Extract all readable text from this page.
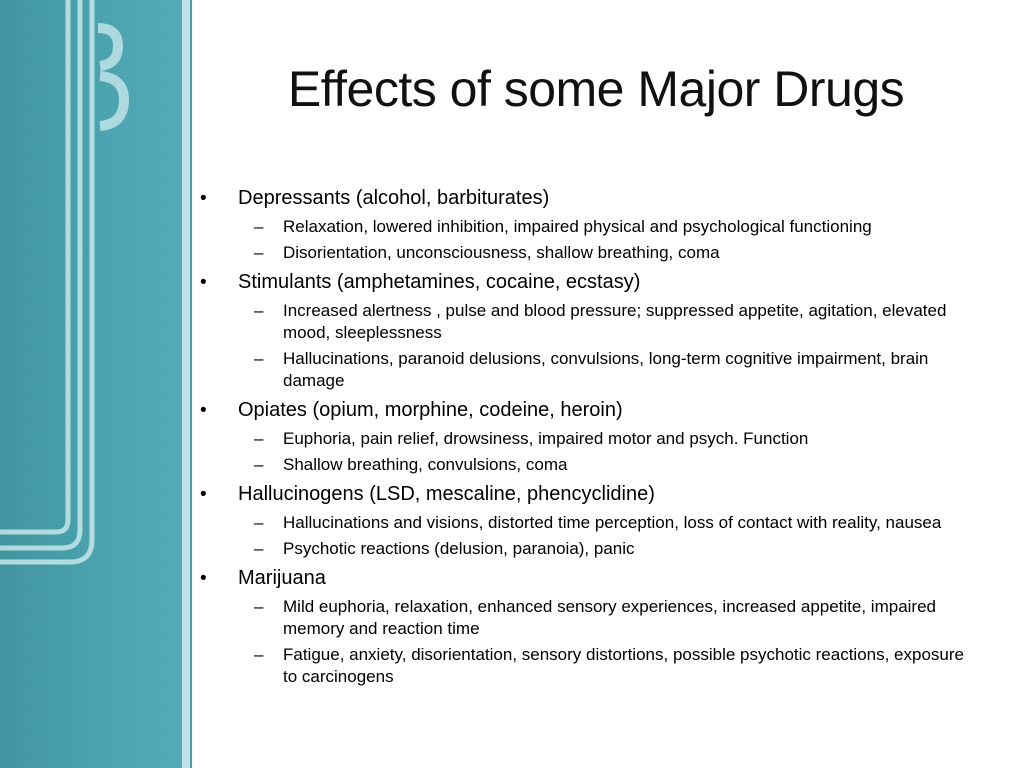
Effects of some Major Drugs
• Depressants (alcohol, barbiturates)
– Relaxation, lowered inhibition, impaired physical and psychological functioning
– Disorientation, unconsciousness, shallow breathing, coma
• Stimulants (amphetamines, cocaine, ecstasy)
– Increased alertness , pulse and blood pressure; suppressed appetite, agitation, elevated mood, sleeplessness
– Hallucinations, paranoid delusions, convulsions, long-term cognitive impairment, brain damage
• Opiates (opium, morphine, codeine, heroin)
– Euphoria, pain relief, drowsiness, impaired motor and psych. Function
– Shallow breathing, convulsions, coma
• Hallucinogens (LSD, mescaline, phencyclidine)
– Hallucinations and visions, distorted time perception, loss of contact with reality, nausea
– Psychotic reactions (delusion, paranoia), panic
• Marijuana
– Mild euphoria, relaxation, enhanced sensory experiences, increased appetite, impaired memory and reaction time
– Fatigue, anxiety, disorientation, sensory distortions, possible psychotic reactions, exposure to carcinogens
